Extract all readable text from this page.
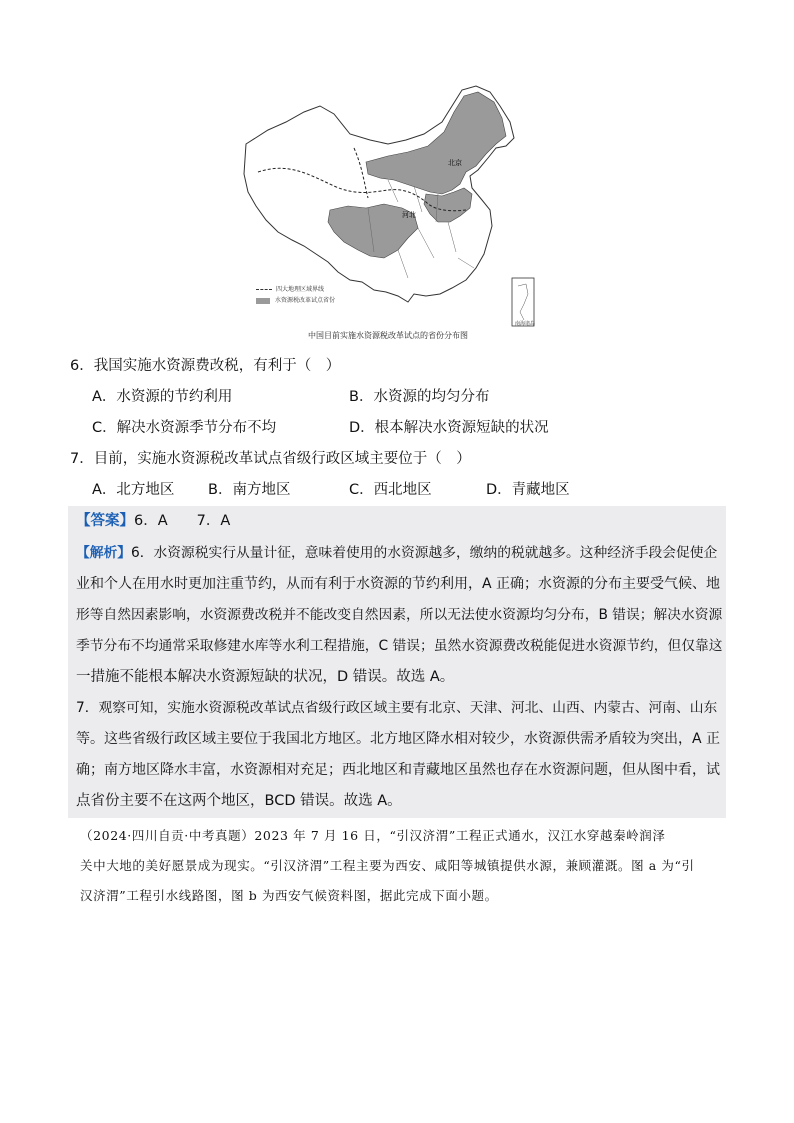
北京
河北
南海诸岛
四大地理区域界线
水资源税改革试点省份
中国目前实施水资源税改革试点的省份分布图
6．我国实施水资源费改税，有利于（　）
A．水资源的节约利用	B．水资源的均匀分布
C．解决水资源季节分布不均	D．根本解决水资源短缺的状况
7．目前，实施水资源税改革试点省级行政区域主要位于（　）
A．北方地区 B．南方地区	C．西北地区	D．青藏地区
【答案】6．A　　7．A
【解析】6．水资源税实行从量计征，意味着使用的水资源越多，缴纳的税就越多。这种经济手段会促使企
业和个人在用水时更加注重节约，从而有利于水资源的节约利用，A 正确；水资源的分布主要受气候、地
形等自然因素影响，水资源费改税并不能改变自然因素，所以无法使水资源均匀分布，B 错误；解决水资源
季节分布不均通常采取修建水库等水利工程措施，C 错误；虽然水资源费改税能促进水资源节约，但仅靠这
一措施不能根本解决水资源短缺的状况，D 错误。故选 A。
7．观察可知，实施水资源税改革试点省级行政区域主要有北京、天津、河北、山西、内蒙古、河南、山东
等。这些省级行政区域主要位于我国北方地区。北方地区降水相对较少，水资源供需矛盾较为突出，A 正
确；南方地区降水丰富，水资源相对充足；西北地区和青藏地区虽然也存在水资源问题，但从图中看，试
点省份主要不在这两个地区，BCD 错误。故选 A。
（2024·四川自贡·中考真题）2023 年 7 月 16 日，“引汉济渭”工程正式通水，汉江水穿越秦岭润泽
关中大地的美好愿景成为现实。“引汉济渭”工程主要为西安、咸阳等城镇提供水源，兼顾灌溉。图 a 为“引
汉济渭”工程引水线路图，图 b 为西安气候资料图，据此完成下面小题。
